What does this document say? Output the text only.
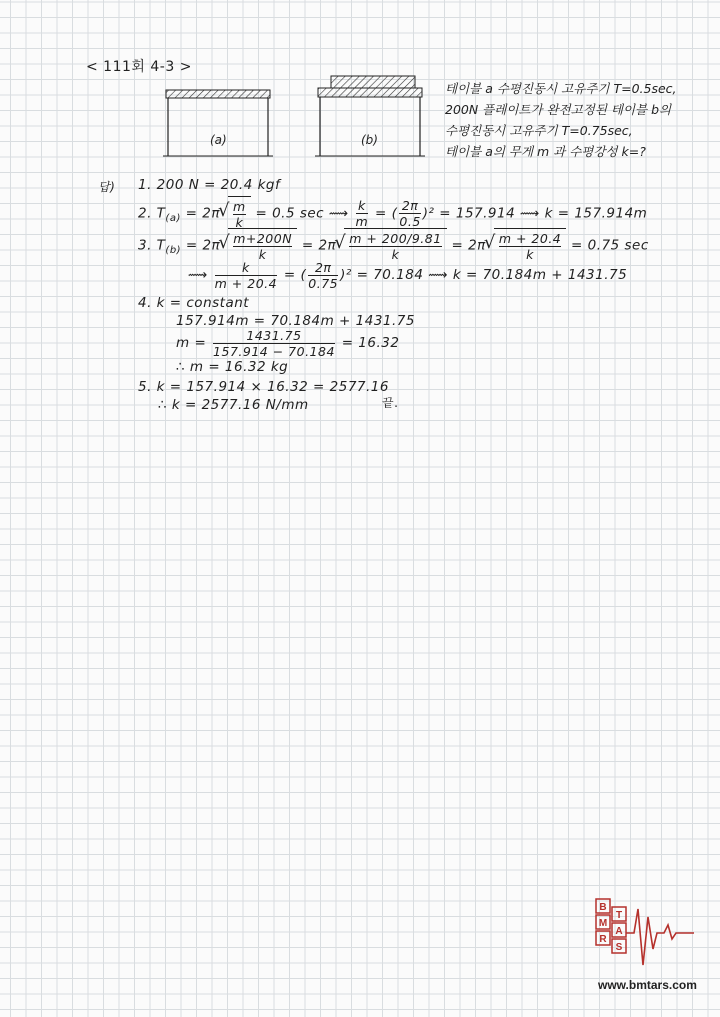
< 111회 4-3 >
(a)	(b)
테이블 a 수평진동시 고유주기 T=0.5sec,
200N 플레이트가 완전고정된 테이블 b의
수평진동시 고유주기 T=0.75sec,
테이블 a의 무게 m 과 수평강성 k=?
답) 1. 200 N = 20.4 kgf
2. $T_{(a)} = 2\pi$ √ $\frac{m}{k} = 0.5$ sec ⟿ $\frac{k}{m}$ = ( $\frac{2\pi}{0.5} )^2 = 157.914$ ⟿ k = 157.914m
3. $T_{(b)} = 2\pi$ √ $\frac{m+200N}{k} = 2\pi$ √ $\frac{m + 200/9.81}{k} = 2\pi$ √ $\frac{m + 20.4}{k} = 0.75$ sec
⟿ $\frac{k}{m + 20.4}$ = ( $\frac{2\pi}{0.75} )^2 = 70.184$ ⟿ k = 70.184m + 1431.75
4. k = constant
157.914m = 70.184m + 1431.75
$m = \frac{1431.75}{157.914 - 70.184} = 16.32$
∴ m = 16.32 kg
5. k = 157.914 × 16.32 = 2577.16
∴ k = 2577.16 N/mm	끝.
B
M
T
A
R
S
www.bmtars.com
